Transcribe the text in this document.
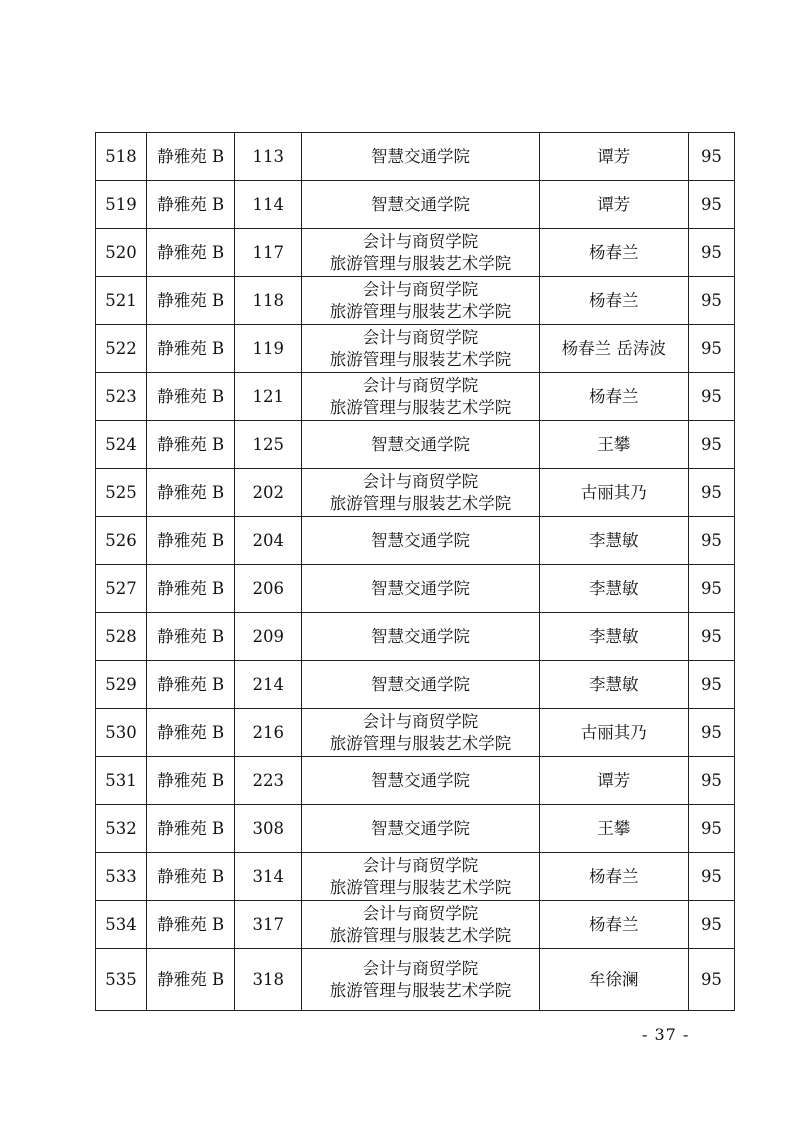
518	静雅苑 B	113	智慧交通学院	谭芳	95
519	静雅苑 B	114	智慧交通学院	谭芳	95
520	静雅苑 B	117	会计与商贸学院
旅游管理与服装艺术学院	杨春兰	95
521	静雅苑 B	118	会计与商贸学院
旅游管理与服装艺术学院	杨春兰	95
522	静雅苑 B	119	会计与商贸学院
旅游管理与服装艺术学院	杨春兰 岳涛波	95
523	静雅苑 B	121	会计与商贸学院
旅游管理与服装艺术学院	杨春兰	95
524	静雅苑 B	125	智慧交通学院	王攀	95
525	静雅苑 B	202	会计与商贸学院
旅游管理与服装艺术学院	古丽其乃	95
526	静雅苑 B	204	智慧交通学院	李慧敏	95
527	静雅苑 B	206	智慧交通学院	李慧敏	95
528	静雅苑 B	209	智慧交通学院	李慧敏	95
529	静雅苑 B	214	智慧交通学院	李慧敏	95
530	静雅苑 B	216	会计与商贸学院
旅游管理与服装艺术学院	古丽其乃	95
531	静雅苑 B	223	智慧交通学院	谭芳	95
532	静雅苑 B	308	智慧交通学院	王攀	95
533	静雅苑 B	314	会计与商贸学院
旅游管理与服装艺术学院	杨春兰	95
534	静雅苑 B	317	会计与商贸学院
旅游管理与服装艺术学院	杨春兰	95
535	静雅苑 B	318	会计与商贸学院
旅游管理与服装艺术学院	牟徐澜	95
- 37 -
